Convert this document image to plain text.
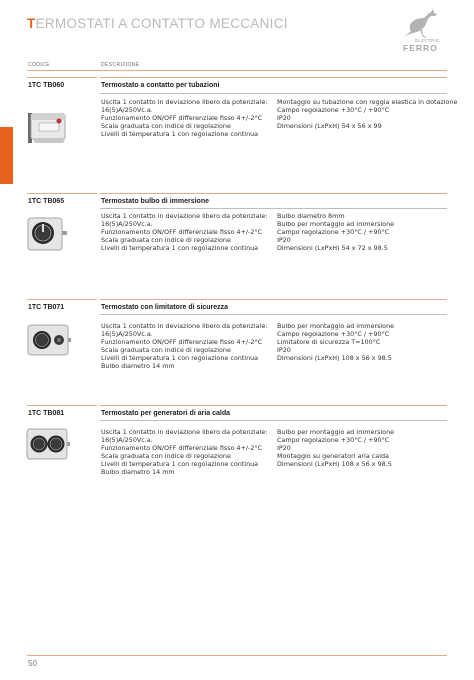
TERMOSTATI A CONTATTO MECCANICI
ELECTRIC
FERRO
CODICE	DESCRIZIONE
1TC TB060	Termostato a contatto per tubazioni
Uscita 1 contatto in deviazione libero da potenziale:
16(5)A/250Vc.a.
Funzionamento ON/OFF differenziale fisso 4+/-2°C
Scala graduata con indice di regolazione
Livelli di temperatura 1 con regolazione continua
Montaggio su tubazione con reggia elastica in dotazione
Campo regolazione +30°C / +90°C
IP20
Dimensioni (LxPxH) 54 x 56 x 99
1TC TB065	Termostato bulbo di immersione
Uscita 1 contatto in deviazione libero da potenziale:
16(5)A/250Vc.a.
Funzionamento ON/OFF differenziale fisso 4+/-2°C
Scala graduata con indice di regolazione
Livelli di temperatura 1 con regolazione continua
Bulbo diametro 8mm
Bulbo per montaggio ad immersione
Campo regolazione +30°C / +90°C
IP20
Dimensioni (LxPxH) 54 x 72 x 98.5
1TC TB071	Termostato con limitatore di sicurezza
Uscita 1 contatto in deviazione libero da potenziale:
16(5)A/250Vc.a.
Funzionamento ON/OFF differenziale fisso 4+/-2°C
Scala graduata con indice di regolazione
Livelli di temperatura 1 con regolazione continua
Bulbo diametro 14 mm
Bulbo per montaggio ad immersione
Campo regolazione +30°C / +90°C
Limitatore di sicurezza T=100°C
IP20
Dimensioni (LxPxH) 108 x 56 x 98.5
1TC TB081	Termostato per generatori di aria calda
Uscita 1 contatto in deviazione libero da potenziale:
16(5)A/250Vc.a.
Funzionamento ON/OFF differenziale fisso 4+/-2°C
Scala graduata con indice di regolazione
Livelli di temperatura 1 con regolazione continua
Bulbo diametro 14 mm
Bulbo per montaggio ad immersione
Campo regolazione +30°C / +90°C
IP20
Montaggio su generatori aria calda
Dimensioni (LxPxH) 108 x 56 x 98.5
50
